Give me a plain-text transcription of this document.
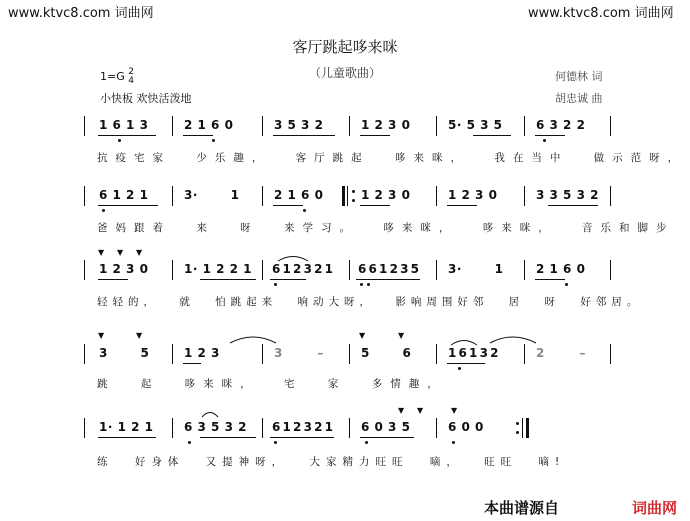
www.ktvc8.com 词曲网	www.ktvc8.com 词曲网
客厅跳起哆来咪
（儿童歌曲）
1=G 2
4
小快板 欢快活泼地
何德林 词
胡忠诚 曲
1 6 1 3	2 1 6 0	3 5 3 2	1 2 3 0	5· 5 3 5	6 3 2 2
抗疫宅家 少乐趣， 客厅跳起 哆来咪， 我在当中 做示范呀，
6 1 2 1	3· 1	2 1 6 0	1 2 3 0	1 2 3 0	3 3 5 3 2
爸妈跟着 来 呀 来学习。 哆来咪， 哆来咪， 音乐和脚步
▼ ▼ ▼
1 2 3 0	1· 1 2 2 1 6 1 2 3 2 1 6 6 1 2 3 5	3· 1	2 1 6 0
轻轻的， 就 怕跳起来 响动大呀， 影响周围好邻 居 呀 好邻居。
▼	▼	▼	▼
3 5	1 2 3	3 –	5 6	1 6 1 3 2	2 –
跳 起 哆来咪， 宅 家 多情趣，
▼ ▼	▼
1· 1 2 1	6 3 5 3 2 6 1 2 3 2 1 6 0 3 5	6 0 0
练 好身体 又提神呀， 大家精力旺旺 嘀， 旺旺 嘀!
本曲谱源自	词曲网
